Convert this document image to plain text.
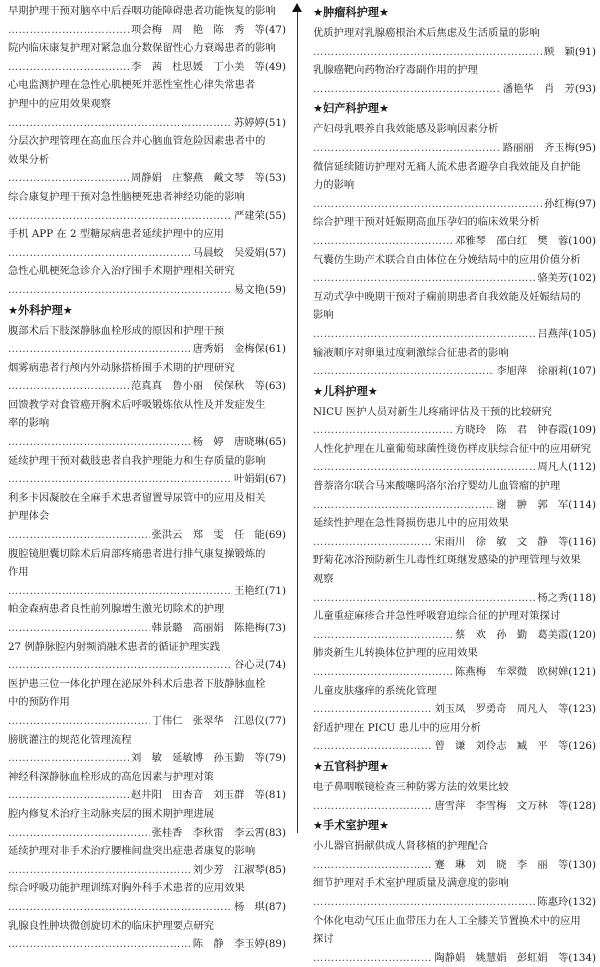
早期护理干预对脑卒中后吞咽功能障碍患者功能恢复的影响
………………………………………………………………………………………………
项会梅　周　艳　陈　秀　等(47)
院内临床康复护理对紧急血分数保留性心力衰竭患者的影响
………………………………………………………………………………………………
李　茜　杜思媛　丁小美　等(49)
心电监测护理在急性心肌梗死并恶性室性心律失常患者
护理中的应用效果观察
………………………………………………………………………………………………
苏婷婷(51)
分层次护理管理在高血压合并心脑血管危险因素患者中的
效果分析
………………………………………………………………………………………………
周静娟　庄黎燕　戴文琴　等(53)
综合康复护理干预对急性脑梗死患者神经功能的影响
………………………………………………………………………………………………
严建荣(55)
手机 APP 在 2 型糖尿病患者延续护理中的应用
………………………………………………………………………………………………
马晨蛟　吴爱娟(57)
急性心肌梗死急诊介入治疗围手术期护理相关研究
………………………………………………………………………………………………
易文艳(59)
★外科护理★
腹部术后下肢深静脉血栓形成的原因和护理干预
………………………………………………………………………………………………
唐秀娟　金梅保(61)
烟雾病患者行颅内外动脉搭桥围手术期的护理研究
………………………………………………………………………………………………
范真真　鲁小丽　侯保秋　等(63)
回馈教学对食管癌开胸术后呼吸锻炼依从性及并发症发生
率的影响
………………………………………………………………………………………………
杨　婷　唐晓琳(65)
延续护理干预对截肢患者自我护理能力和生存质量的影响
………………………………………………………………………………………………
叶娟娟(67)
利多卡因凝胶在全麻手术患者留置导尿管中的应用及相关
护理体会
………………………………………………………………………………………………
张洪云　郑　雯　任　能(69)
腹腔镜胆囊切除术后肩部疼痛患者进行排气康复操锻炼的
作用
………………………………………………………………………………………………
王艳红(71)
帕金森病患者良性前列腺增生激光切除术的护理
………………………………………………………………………………………………
韩景璐　高丽娟　陈艳梅(73)
27 例静脉腔内射频消融术患者的循证护理实践
………………………………………………………………………………………………
谷心灵(74)
医护患三位一体化护理在泌尿外科术后患者下肢静脉血栓
中的预防作用
………………………………………………………………………………………………
丁伟仁　张翠华　江恩仪(77)
膀胱灌注的规范化管理流程
………………………………………………………………………………………………
刘　敏　延敏博　孙玉勤　等(79)
神经科深静脉血栓形成的高危因素与护理对策
………………………………………………………………………………………………
赵井阳　田杏音　刘玉群　等(81)
腔内修复术治疗主动脉夹层的围术期护理进展
………………………………………………………………………………………………
张桂香　李秋雷　李云霄(83)
延续护理对非手术治疗腰椎间盘突出症患者康复的影响
………………………………………………………………………………………………
刘少芳　江淑琴(85)
综合呼吸功能护理训练对胸外科手术患者的应用效果
………………………………………………………………………………………………
杨　琪(87)
乳腺良性肿块微创旋切术的临床护理要点研究
………………………………………………………………………………………………
陈　静　李玉婷(89)
★肿瘤科护理★
优质护理对乳腺癌根治术后焦虑及生活质量的影响
………………………………………………………………………………………………
顾　颖(91)
乳腺癌靶向药物治疗毒副作用的护理
………………………………………………………………………………………………
潘艳华　肖　芳(93)
★妇产科护理★
产妇母乳喂养自我效能感及影响因素分析
………………………………………………………………………………………………
路丽丽　齐玉梅(95)
微信延续随访护理对无痛人流术患者避孕自我效能及自护能
力的影响
………………………………………………………………………………………………
孙红梅(97)
综合护理干预对妊娠期高血压孕妇的临床效果分析
………………………………………………………………………………………………
邓雅琴　邵白红　樊　蓉(100)
气囊仿生助产术联合自由体位在分娩结局中的应用价值分析
………………………………………………………………………………………………
骆美芳(102)
互动式孕中晚期干预对子痫前期患者自我效能及妊娠结局的
影响
………………………………………………………………………………………………
吕燕萍(105)
输液顺序对卵巢过度刺激综合征患者的影响
………………………………………………………………………………………………
李旭萍　徐丽莉(107)
★儿科护理★
NICU 医护人员对新生儿疼痛评估及干预的比较研究
………………………………………………………………………………………………
方晓玲　陈　君　钟春霞(109)
人性化护理在儿童葡萄球菌性烫伤样皮肤综合征中的应用研究
………………………………………………………………………………………………
周凡人(112)
普萘洛尔联合马来酸噻吗洛尔治疗婴幼儿血管瘤的护理
………………………………………………………………………………………………
谢　翀　郭　军(114)
延续性护理在急性肾损伤患儿中的应用效果
………………………………………………………………………………………………
宋雨川　徐　敏　文　静　等(116)
野菊花冰浴预防新生儿毒性红斑继发感染的护理管理与效果
观察
………………………………………………………………………………………………
杨之秀(118)
儿童重症麻疹合并急性呼吸窘迫综合征的护理对策探讨
………………………………………………………………………………………………
蔡　欢　孙　勤　葛美霞(120)
肺炎新生儿转换体位护理的应用效果
………………………………………………………………………………………………
陈燕梅　车翠微　欧树婵(121)
儿童皮肤瘙痒的系统化管理
………………………………………………………………………………………………
刘玉凤　罗勇奇　周凡人　等(123)
舒适护理在 PICU 患儿中的应用分析
………………………………………………………………………………………………
曾　谦　刘伶志　臧　平　等(126)
★五官科护理★
电子鼻咽喉镜检查三种防雾方法的效果比较
………………………………………………………………………………………………
唐雪萍　李雪梅　文万林　等(128)
★手术室护理★
小儿器官捐献供成人肾移植的护理配合
………………………………………………………………………………………………
蹇　琳　刘　晓　李　丽　等(130)
细节护理对手术室护理质量及满意度的影响
………………………………………………………………………………………………
陈惠玲(132)
个体化电动气压止血带压力在人工全膝关节置换术中的应用
探讨
………………………………………………………………………………………………
陶静娟　姚慧娟　彭虹娟　等(134)
